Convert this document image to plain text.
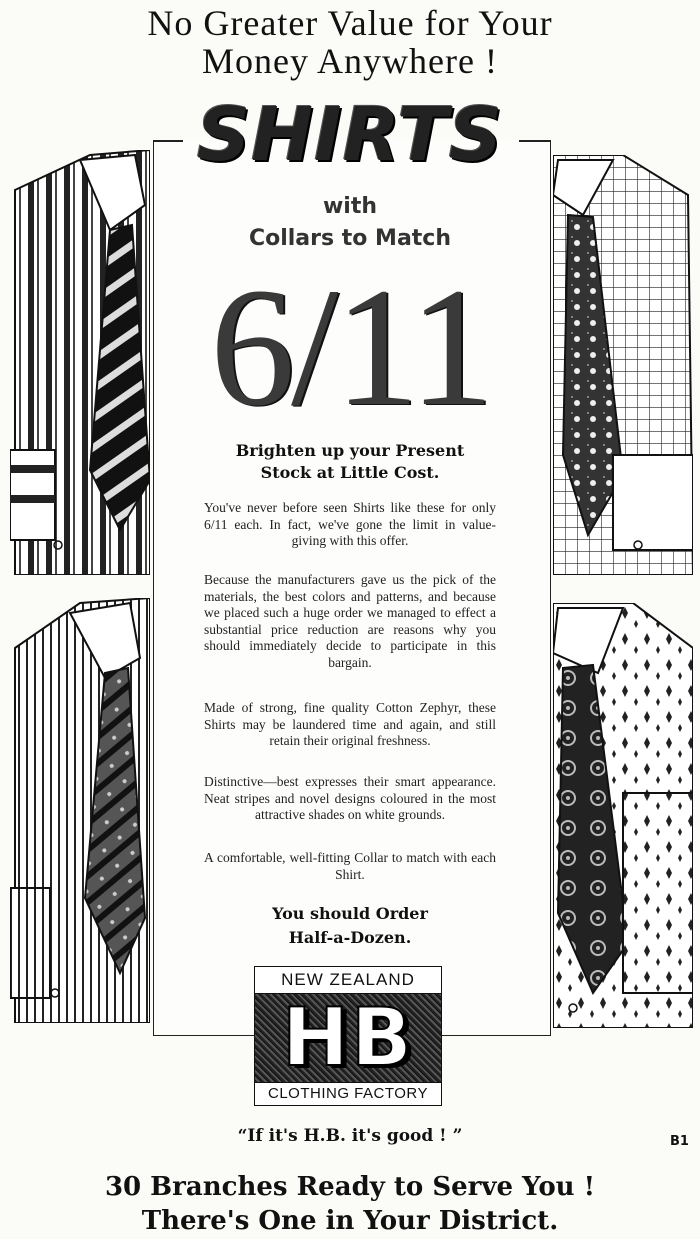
No Greater Value for Your
Money Anywhere !
SHIRTS
with
Collars to Match
6/11
Brighten up your Present
Stock at Little Cost.
You've never before seen Shirts like these for only 6/11 each. In fact, we've gone the limit in value-giving with this offer.
Because the manufacturers gave us the pick of the materials, the best colors and patterns, and because we placed such a huge order we managed to effect a substantial price reduction are reasons why you should immediately decide to participate in this bargain.
Made of strong, fine quality Cotton Zephyr, these Shirts may be laundered time and again, and still retain their original freshness.
Distinctive—best expresses their smart appearance. Neat stripes and novel designs coloured in the most attractive shades on white grounds.
A comfortable, well-fitting Collar to match with each Shirt.
You should Order
Half-a-Dozen.
NEW ZEALAND
HB
CLOTHING FACTORY
“If it's H.B. it's good ! ”	B1
30 Branches Ready to Serve You !
There's One in Your District.
